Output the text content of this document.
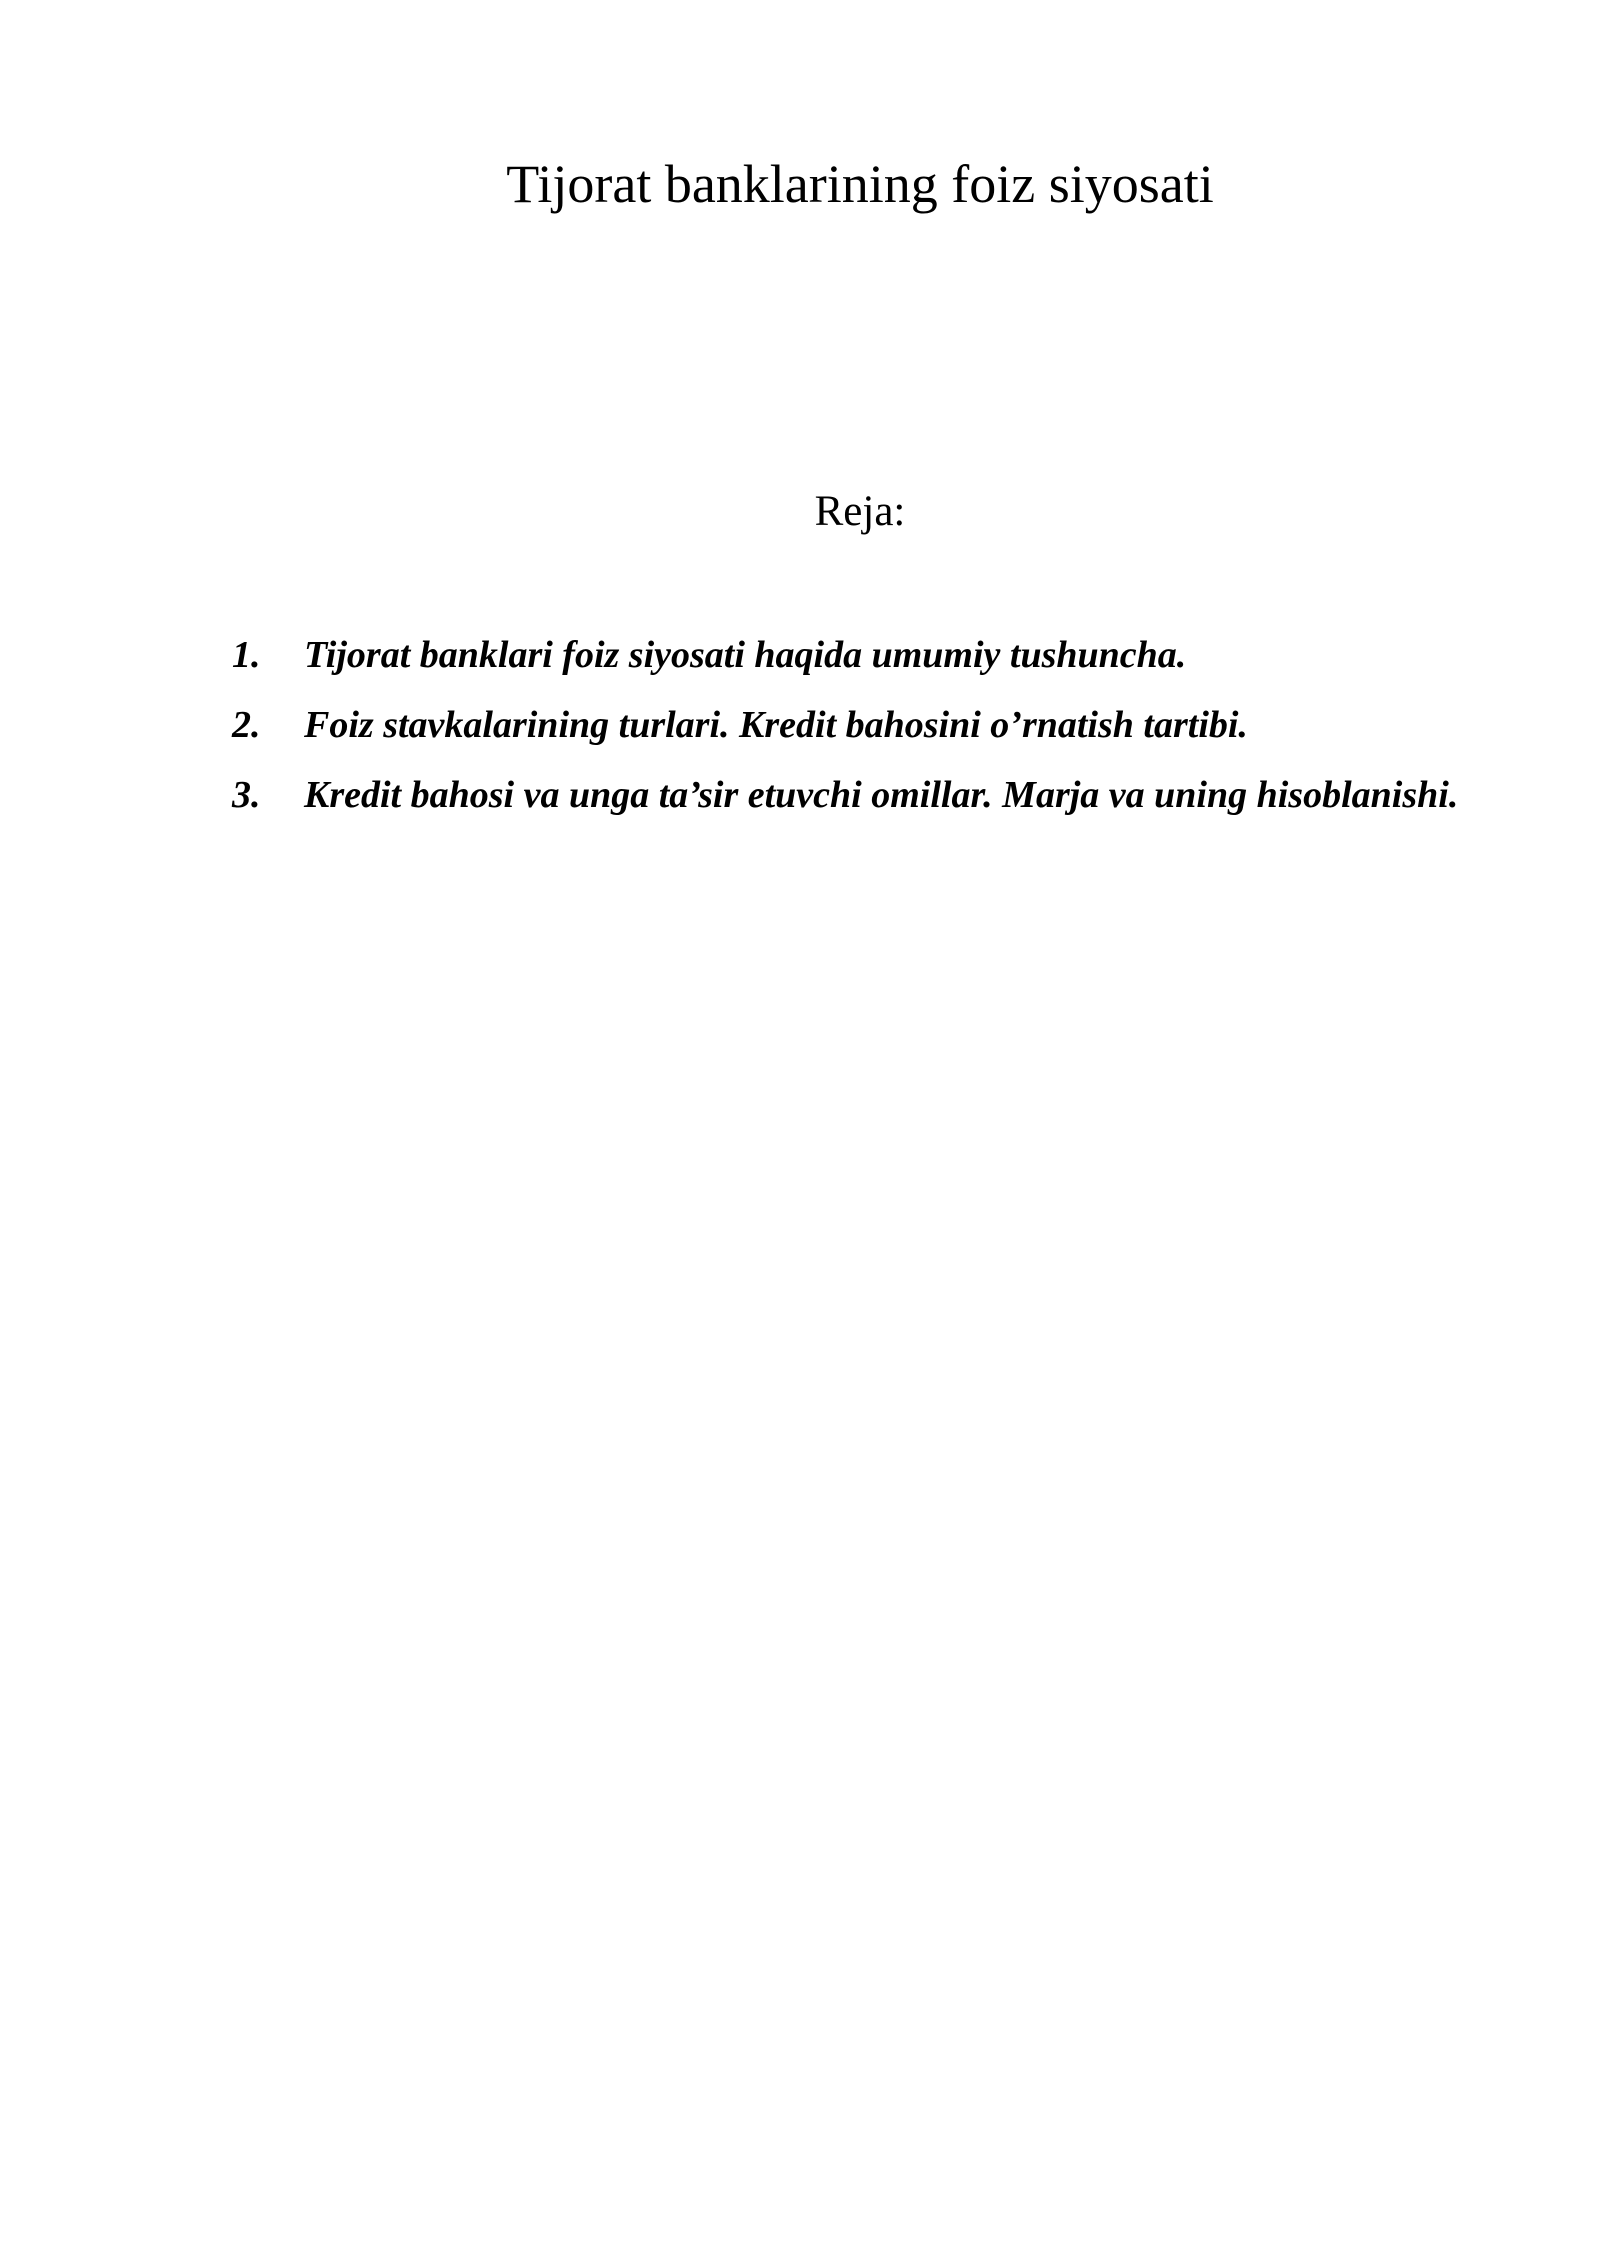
Tijorat banklarining foiz siyosati
Reja:
1.	Tijorat banklari foiz siyosati haqida umumiy tushuncha.
2.	Foiz stavkalarining turlari. Kredit bahosini o’rnatish tartibi.
3.	Kredit bahosi va unga ta’sir etuvchi omillar. Marja va uning hisoblanishi.
